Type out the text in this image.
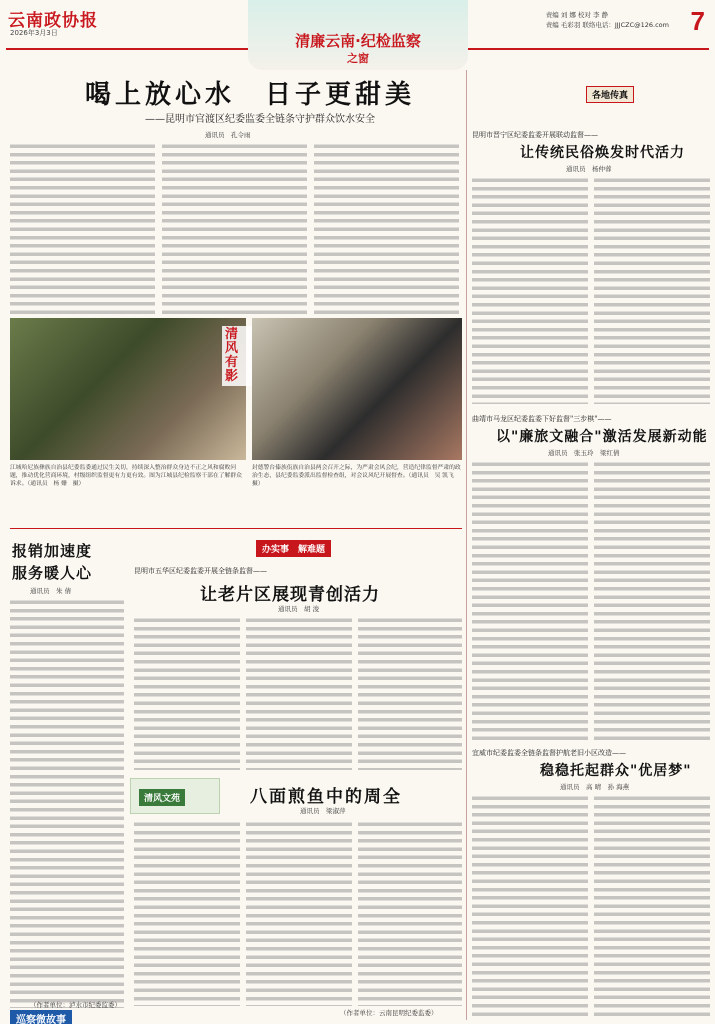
云南政协报
2026年3月3日
责编 刘 娜 校对 李 静
责编 毛彩羽 联络电话：JJJCZC@126.com 7
清廉云南·纪检监察
之窗
喝上放心水　日子更甜美
——昆明市官渡区纪委监委全链条守护群众饮水安全
通讯员　孔令雨
清风有影
江城哈尼族彝族自治县纪委监委通过民生关切，持续深入整治群众身边不正之风和腐败问题，推动优化营商环境，村级组织监督更有力更有效。图为江城县纪检监察干部在了解群众诉求。（通讯员　杨 姗　摄）
封德警台傣族佤族自治县两会召开之际，为严肃会风会纪，营造纪律监督严肃的政治生态，县纪委监委派出监督检查组，对会议风纪开展督查。（通讯员　吴 凯飞　摄）
各地传真
昆明市晋宁区纪委监委开展联动监督——
让传统民俗焕发时代活力
通讯员　杨仲蓉
曲靖市马龙区纪委监委下好监督"三步棋"——
以"廉旅文融合"激活发展新动能
通讯员　张玉玲　梁红倩
宜威市纪委监委全链条监督护航老旧小区改造——
稳稳托起群众"优居梦"
通讯员　高 晴　孙 海燕
报销加速度
服务暖人心
通讯员　朱 倩
（作者单位：泸水市纪委监委）
办实事　解难题
昆明市五华区纪委监委开展全链条监督——
让老片区展现青创活力
通讯员　胡 浚
清风文苑	八面煎鱼中的周全
通讯员　梁淑萍
（作者单位：云南昆明纪委监委）
巡察微故事
